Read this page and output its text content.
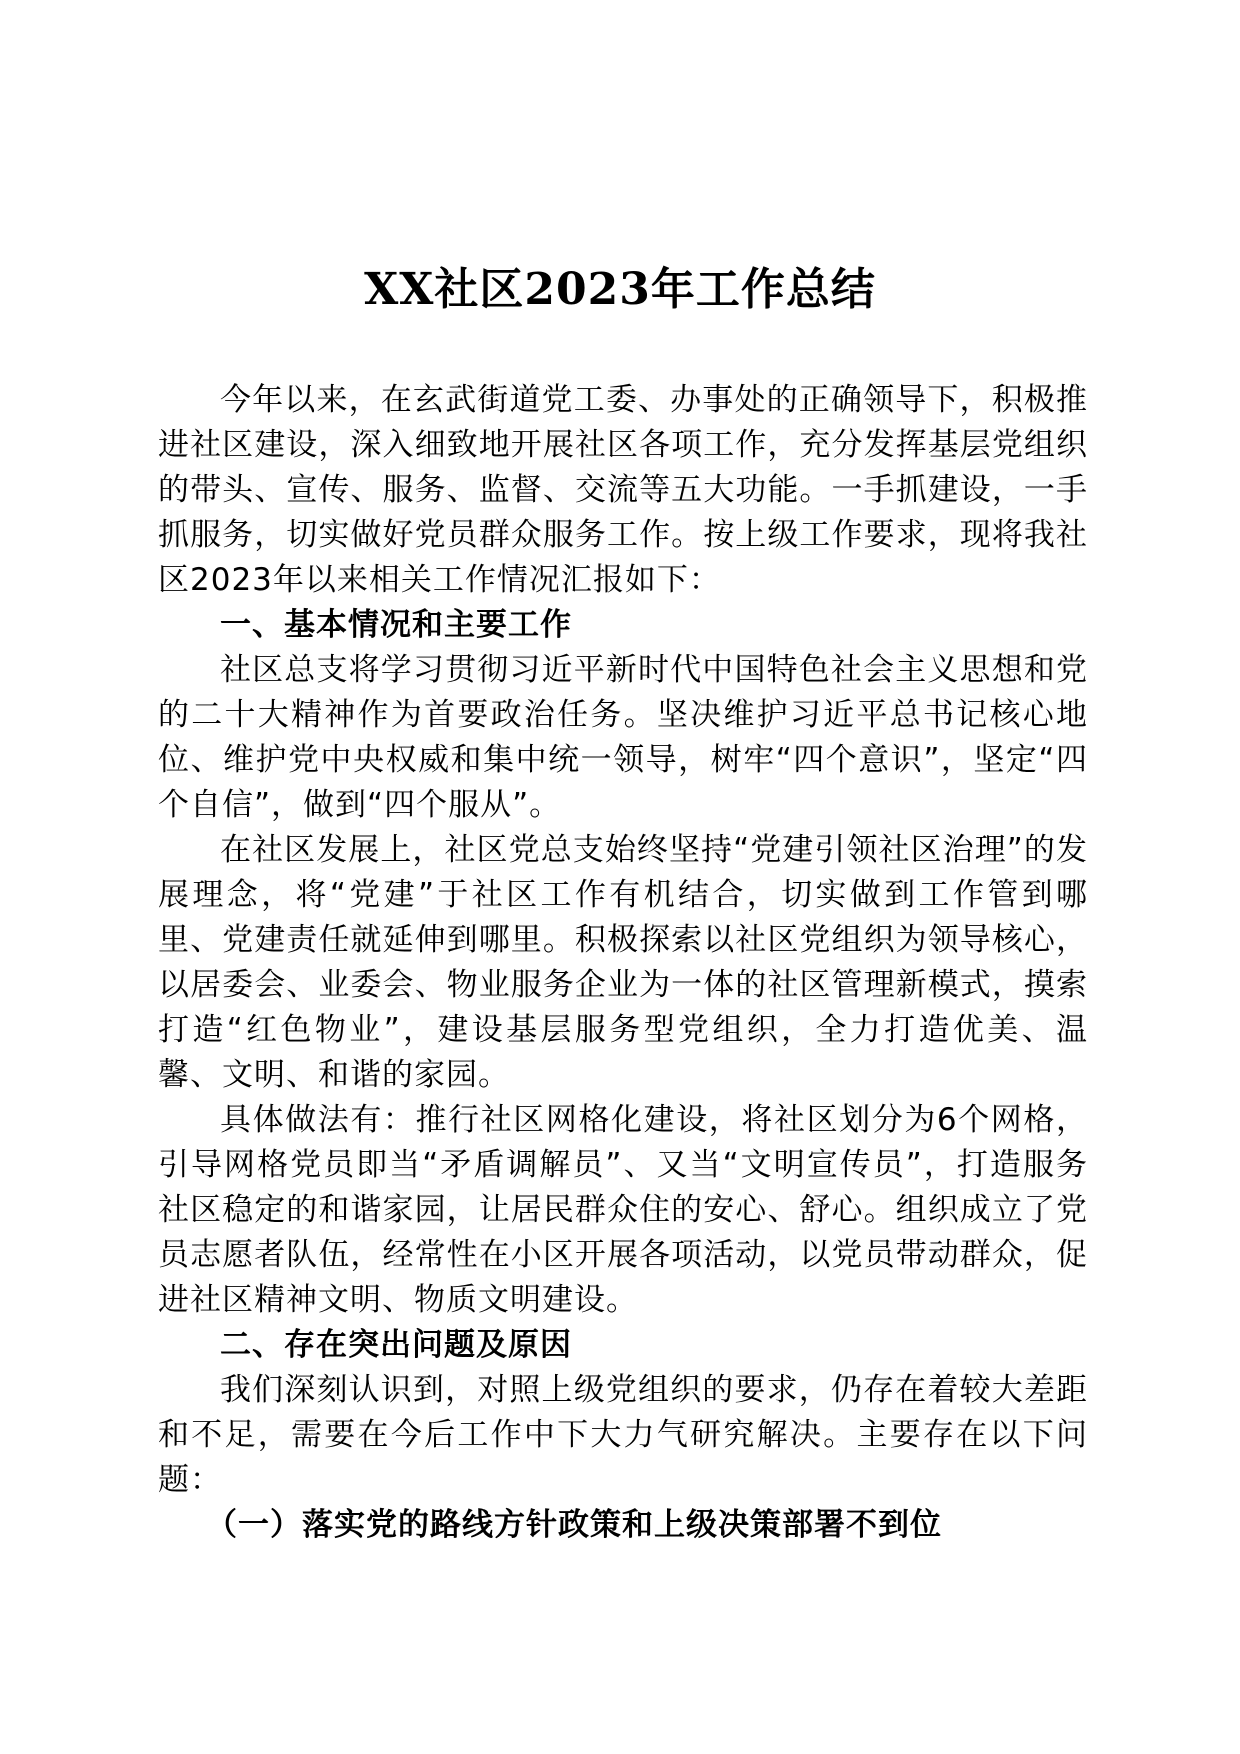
XX社区2023年工作总结

今年以来，在玄武街道党工委、办事处的正确领导下，积极推进社区建设，深入细致地开展社区各项工作，充分发挥基层党组织的带头、宣传、服务、监督、交流等五大功能。一手抓建设，一手抓服务，切实做好党员群众服务工作。按上级工作要求，现将我社区2023年以来相关工作情况汇报如下：

一、基本情况和主要工作

社区总支将学习贯彻习近平新时代中国特色社会主义思想和党的二十大精神作为首要政治任务。坚决维护习近平总书记核心地位、维护党中央权威和集中统一领导，树牢“四个意识”，坚定“四个自信”，做到“四个服从”。

在社区发展上，社区党总支始终坚持“党建引领社区治理”的发展理念，将“党建”于社区工作有机结合，切实做到工作管到哪里、党建责任就延伸到哪里。积极探索以社区党组织为领导核心，以居委会、业委会、物业服务企业为一体的社区管理新模式，摸索打造“红色物业”，建设基层服务型党组织，全力打造优美、温馨、文明、和谐的家园。

具体做法有：推行社区网格化建设，将社区划分为6个网格，引导网格党员即当“矛盾调解员”、又当“文明宣传员”，打造服务社区稳定的和谐家园，让居民群众住的安心、舒心。组织成立了党员志愿者队伍，经常性在小区开展各项活动，以党员带动群众，促进社区精神文明、物质文明建设。

二、存在突出问题及原因

我们深刻认识到，对照上级党组织的要求，仍存在着较大差距和不足，需要在今后工作中下大力气研究解决。主要存在以下问题：

（一）落实党的路线方针政策和上级决策部署不到位
